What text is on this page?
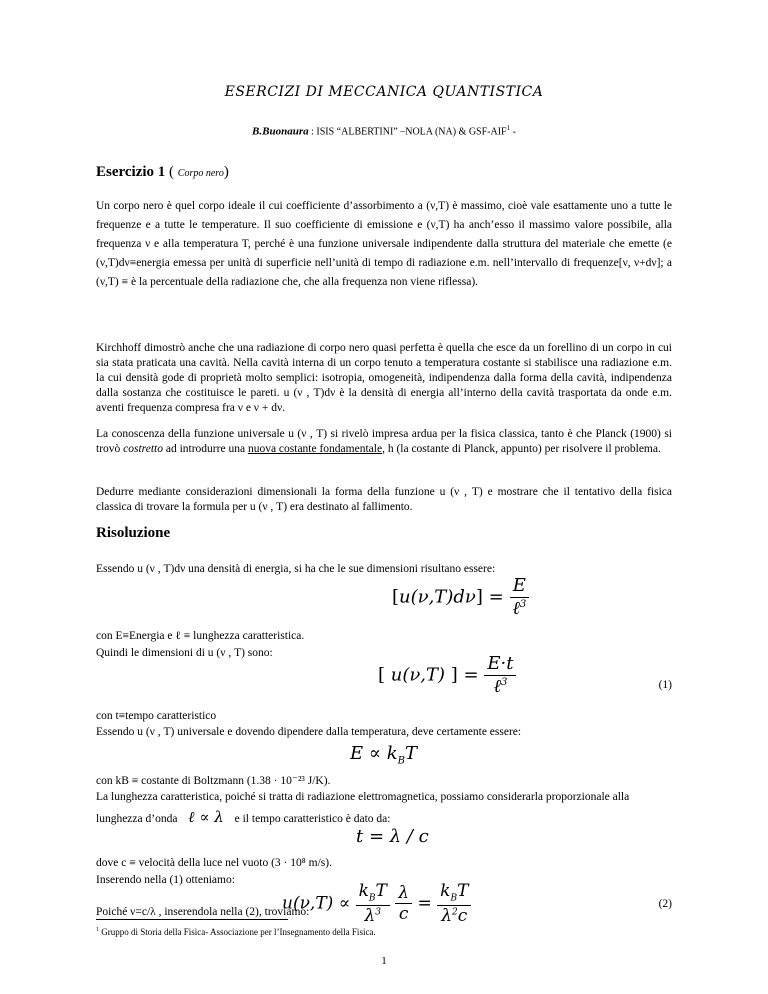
ESERCIZI DI MECCANICA QUANTISTICA
B.Buonaura : ISIS “ALBERTINI” –NOLA (NA) & GSF-AIF$^1$ -
Esercizio 1 ( Corpo nero)

Un corpo nero è quel corpo ideale il cui coefficiente d’assorbimento a (ν,T) è massimo, cioè vale esattamente uno a tutte le frequenze e a tutte le temperature. Il suo coefficiente di emissione e (ν,T) ha anch’esso il massimo valore possibile, alla frequenza ν e alla temperatura T, perché è una funzione universale indipendente dalla struttura del materiale che emette (e (ν,T)dν≡energia emessa per unità di superficie nell’unità di tempo di radiazione e.m. nell’intervallo di frequenze[ν, ν+dν]; a (ν,T) ≡ è la percentuale della radiazione che, che alla frequenza non viene riflessa).

Kirchhoff dimostrò anche che una radiazione di corpo nero quasi perfetta è quella che esce da un forellino di un corpo in cui sia stata praticata una cavità. Nella cavità interna di un corpo tenuto a temperatura costante si stabilisce una radiazione e.m. la cui densità gode di proprietà molto semplici: isotropia, omogeneità, indipendenza dalla forma della cavità, indipendenza dalla sostanza che costituisce le pareti. u (ν , T)dν è la densità di energia all’interno della cavità trasportata da onde e.m. aventi frequenza compresa fra ν e ν + dν.

La conoscenza della funzione universale u (ν , T) si rivelò impresa ardua per la fisica classica, tanto è che Planck (1900) si trovò costretto ad introdurre una nuova costante fondamentale, h (la costante di Planck, appunto) per risolvere il problema.

Dedurre mediante considerazioni dimensionali la forma della funzione u (ν , T) e mostrare che il tentativo della fisica classica di trovare la formula per u (ν , T) era destinato al fallimento.

Risoluzione

Essendo u (ν , T)dν una densità di energia, si ha che le sue dimensioni risultano essere:

$[u(\nu,T)d\nu] = \frac{E}{\ell^3}$

con E≡Energia e ℓ ≡ lunghezza caratteristica.

Quindi le dimensioni di u (ν , T) sono:

[ u(ν,T) ] = $\frac{E\cdot t}{\ell^3}$	(1)

con t≡tempo caratteristico

Essendo u (ν , T) universale e dovendo dipendere dalla temperatura, deve certamente essere:

$E \propto k_BT$

con kB ≡ costante di Boltzmann (1.38 · 10⁻²³ J/K).

La lunghezza caratteristica, poiché si tratta di radiazione elettromagnetica, possiamo considerarla proporzionale alla

lunghezza d’onda ℓ ∝ λ e il tempo caratteristico è dato da:

t = λ / c

dove c ≡ velocità della luce nel vuoto (3 · 10⁸ m/s).

Inserendo nella (1) otteniamo:

$u(\nu,T) \propto \frac{k_BT}{\lambda^3}$
$\frac{\lambda}{c} = \frac{k_BT}{\lambda^2c}$	(2)

$^1$ Gruppo di Storia della Fisica- Associazione per l’Insegnamento della Fisica.
1

Poiché ν=c/λ , inserendola nella (2), troviamo:
